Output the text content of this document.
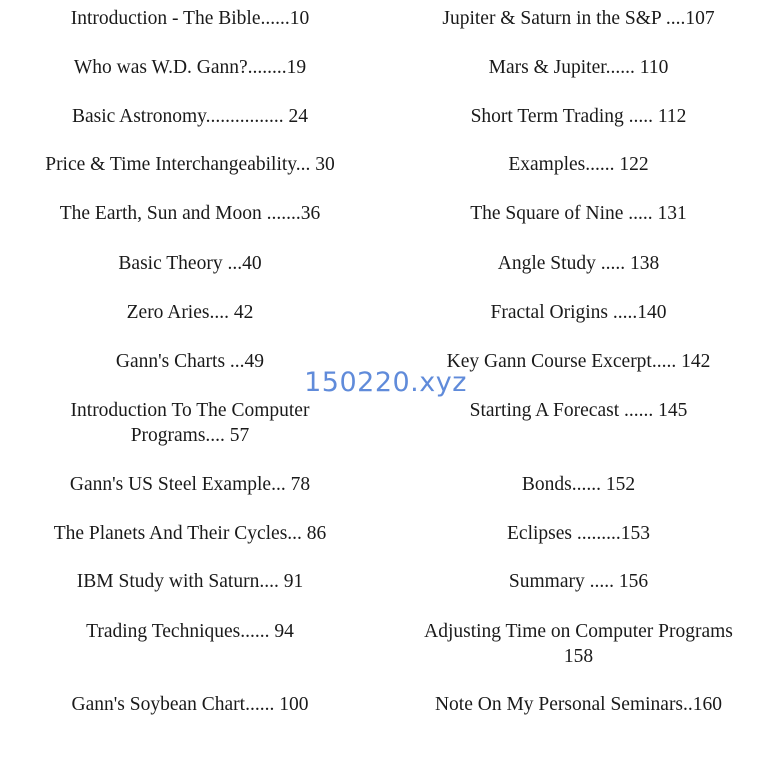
Introduction - The Bible......10
Who was W.D. Gann?........19
Basic Astronomy................ 24
Price & Time Interchangeability... 30
The Earth, Sun and Moon .......36
Basic Theory ...40
Zero Aries.... 42
Gann's Charts ...49
Introduction To The Computer
Programs.... 57
Gann's US Steel Example... 78
The Planets And Their Cycles... 86
IBM Study with Saturn.... 91
Trading Techniques...... 94
Gann's Soybean Chart...... 100
Jupiter & Saturn in the S&P ....107
Mars & Jupiter...... 110
Short Term Trading ..... 112
Examples...... 122
The Square of Nine ..... 131
Angle Study ..... 138
Fractal Origins .....140
Key Gann Course Excerpt..... 142
Starting A Forecast ...... 145
Bonds...... 152
Eclipses .........153
Summary ..... 156
Adjusting Time on Computer Programs
158
Note On My Personal Seminars..160
150220.xyz
